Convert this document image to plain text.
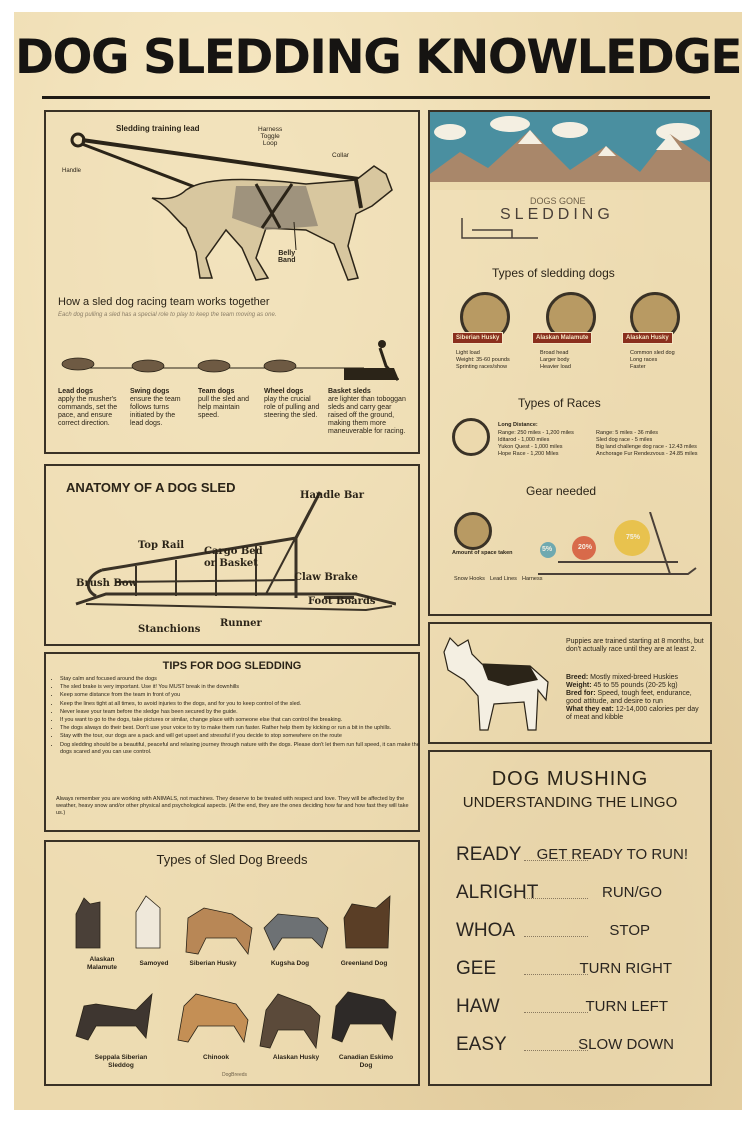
DOG SLEDDING KNOWLEDGE
Sledding training lead
Handle
Harness
Toggle
Loop
Collar
Belly
Band
How a sled dog racing team works together
Each dog pulling a sled has a special role to play to keep the team moving as one.
Lead dogs
apply the musher's commands, set the pace, and ensure correct direction.
Swing dogs
ensure the team follows turns initiated by the lead dogs.
Team dogs
pull the sled and help maintain speed.
Wheel dogs
play the crucial role of pulling and steering the sled.
Basket sleds
are lighter than toboggan sleds and carry gear raised off the ground, making them more maneuverable for racing.
ANATOMY OF A DOG SLED
Handle Bar
Top Rail
Cargo Bed or Basket
Brush Bow
Claw Brake
Foot Boards
Stanchions
Runner
TIPS FOR DOG SLEDDING
• Stay calm and focused around the dogs
• The sled brake is very important. Use it! You MUST break in the downhills
• Keep some distance from the team in front of you
• Keep the lines tight at all times, to avoid injuries to the dogs, and for you to keep control of the sled.
• Never leave your team before the sledge has been secured by the guide.
• If you want to go to the dogs, take pictures or similar, change place with someone else that can control the breaking.
• The dogs always do their best. Don't use your voice to try to make them run faster. Rather help them by kicking or run a bit in the uphills.
• Stay with the tour, our dogs are a pack and will get upset and stressful if you decide to stop somewhere on the route
• Dog sledding should be a beautiful, peaceful and relaxing journey through nature with the dogs. Please don't let them run full speed, it can make the dogs scared and you can use control.
Always remember you are working with ANIMALS, not machines. They deserve to be treated with respect and love. They will be affected by the weather, heavy snow and/or other physical and psychological aspects. (At the end, they are the ones deciding how far and how fast they will take us.)
Types of Sled Dog Breeds
Alaskan Malamute	Samoyed	Siberian Husky	Kugsha Dog	Greenland Dog
Seppala Siberian Sleddog
Chinook	Alaskan Husky	Canadian Eskimo Dog
DogBreeds
DOGS GONE
SLEDDING
Types of sledding dogs
Siberian Husky	Alaskan Malamute	Alaskan Husky
Light load
Weight: 35-60 pounds
Sprinting races/show
Broad head
Larger body
Heavier load
Common sled dog
Long races
Faster
Types of Races
Long Distance:
Range: 250 miles - 1,200 miles
Iditarod - 1,000 miles
Yukon Quest - 1,000 miles
Hope Race - 1,200 Miles
Range: 5 miles - 36 miles
Sled dog race - 5 miles
Big land challenge dog race - 12.43 miles
Anchorage Fur Rendezvous - 24.85 miles
Gear needed
Amount of space taken	5%	20%
75%
Snow Hooks Lead Lines Harness
Puppies are trained starting at 8 months, but don't actually race until they are at least 2.
Breed: Mostly mixed-breed Huskies
Weight: 45 to 55 pounds (20-25 kg)
Bred for: Speed, tough feet, endurance, good attitude, and desire to run
What they eat: 12-14,000 calories per day of meat and kibble
DOG MUSHING
UNDERSTANDING THE LINGO
READY GET READY TO RUN!
ALRIGHT	RUN/GO
WHOA	STOP
GEE	TURN RIGHT
HAW	TURN LEFT
EASY	SLOW DOWN
